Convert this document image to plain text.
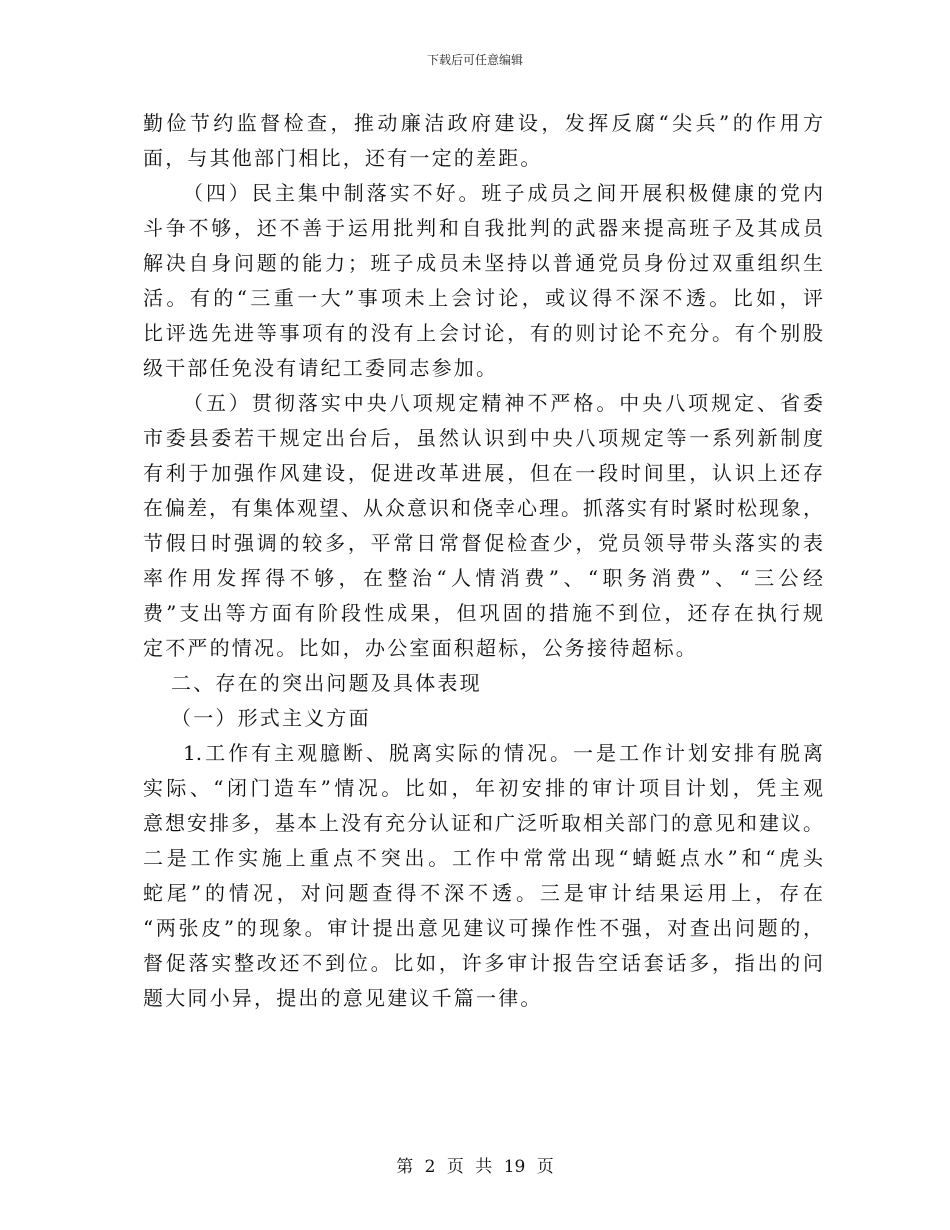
下载后可任意编辑
勤俭节约监督检查，推动廉洁政府建设，发挥反腐“尖兵”的作用方
面，与其他部门相比，还有一定的差距。
（四）民主集中制落实不好。班子成员之间开展积极健康的党内
斗争不够，还不善于运用批判和自我批判的武器来提高班子及其成员
解决自身问题的能力；班子成员未坚持以普通党员身份过双重组织生
活。有的“三重一大”事项未上会讨论，或议得不深不透。比如，评
比评选先进等事项有的没有上会讨论，有的则讨论不充分。有个别股
级干部任免没有请纪工委同志参加。
（五）贯彻落实中央八项规定精神不严格。中央八项规定、省委
市委县委若干规定出台后，虽然认识到中央八项规定等一系列新制度
有利于加强作风建设，促进改革进展，但在一段时间里，认识上还存
在偏差，有集体观望、从众意识和侥幸心理。抓落实有时紧时松现象，
节假日时强调的较多，平常日常督促检查少，党员领导带头落实的表
率作用发挥得不够，在整治“人情消费”、“职务消费”、“三公经
费”支出等方面有阶段性成果，但巩固的措施不到位，还存在执行规
定不严的情况。比如，办公室面积超标，公务接待超标。
二、存在的突出问题及具体表现
（一）形式主义方面
1.工作有主观臆断、脱离实际的情况。一是工作计划安排有脱离
实际、“闭门造车”情况。比如，年初安排的审计项目计划，凭主观
意想安排多，基本上没有充分认证和广泛听取相关部门的意见和建议。
二是工作实施上重点不突出。工作中常常出现“蜻蜓点水”和“虎头
蛇尾”的情况，对问题查得不深不透。三是审计结果运用上，存在
“两张皮”的现象。审计提出意见建议可操作性不强，对查出问题的，
督促落实整改还不到位。比如，许多审计报告空话套话多，指出的问
题大同小异，提出的意见建议千篇一律。
第 2 页 共 19 页
